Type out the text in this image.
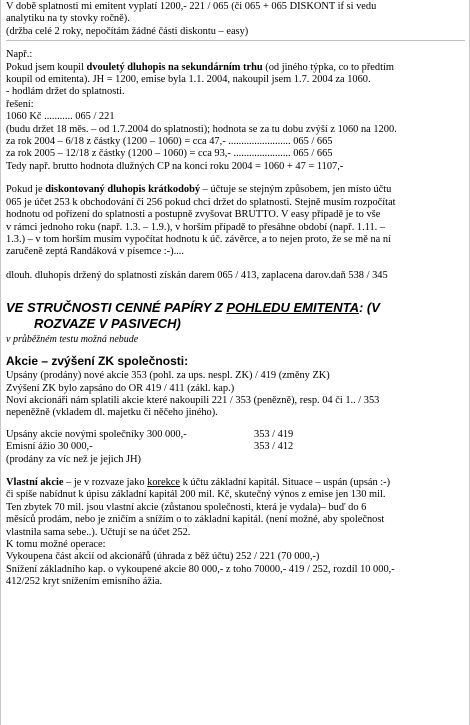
V době splatnosti mi emitent vyplatí 1200,- 221 / 065 (či 065 + 065 DISKONT if si vedu
analytiku na ty stovky ročně).
(držba celé 2 roky, nepočítám žádné části diskontu – easy)
Např.:
Pokud jsem koupil dvouletý dluhopis na sekundárním trhu (od jiného týpka, co to předtím
koupil od emitenta). JH = 1200, emise byla 1.1. 2004, nakoupil jsem 1.7. 2004 za 1060.
- hodlám držet do splatnosti.
řešení:
1060 Kč ........... 065 / 221
(budu držet 18 měs. – od 1.7.2004 do splatnosti); hodnota se za tu dobu zvýší z 1060 na 1200.
za rok 2004 – 6/18 z částky (1200 – 1060) = cca 47,- ........................ 065 / 665
za rok 2005 – 12/18 z částky (1200 – 1060) = cca 93,- ...................... 065 / 665
Tedy např. brutto hodnota dlužných CP na konci roku 2004 = 1060 + 47 = 1107,-
Pokud je diskontovaný dluhopis krátkodobý – účtuje se stejným způsobem, jen místo účtu
065 je účet 253 k obchodování či 256 pokud chci držet do splatnosti. Stejně musím rozpočítat
hodnotu od pořízení do splatnosti a postupně zvyšovat BRUTTO. V easy případě je to vše
v rámci jednoho roku (např. 1.3. – 1.9.), v horším případě to přesáhne období (např. 1.11. –
1.3.) – v tom horším musím vypočítat hodnotu k úč. závěrce, a to nejen proto, že se mě na ní
zaručeně zeptá Randáková v písemce :-)....
dlouh. dluhopis držený do splatnosti získán darem 065 / 413, zaplacena darov.daň 538 / 345
VE STRUČNOSTI CENNÉ PAPÍRY Z POHLEDU EMITENTA: (V
ROZVAZE V PASIVECH)
v průběžném testu možná nebude
Akcie – zvýšení ZK společnosti:
Upsány (prodány) nové akcie 353 (pohl. za ups. nespl. ZK) / 419 (změny ZK)
Zvýšení ZK bylo zapsáno do OR 419 / 411 (zákl. kap.)
Noví akcionáři nám splatili akcie které nakoupili 221 / 353 (penězně), resp. 04 či 1.. / 353
nepeněžně (vkladem dl. majetku či něčeho jiného).
Upsány akcie novými společníky 300 000,-	353 / 419
Emisní ážio 30 000,-	353 / 412
(prodány za víc než je jejich JH)
Vlastní akcie – je v rozvaze jako korekce k účtu základní kapitál. Situace – uspán (upsán :-)
či spíše nabídnut k úpisu základní kapitál 200 mil. Kč, skutečný výnos z emise jen 130 mil.
Ten zbytek 70 mil. jsou vlastní akcie (zůstanou společnosti, která je vydala)– buď do 6
měsíců prodám, nebo je zničím a snížím o to základní kapitál. (není možné, aby společnost
vlastnila sama sebe..). Účtují se na účet 252.
K tomu možné operace:
Vykoupena část akcií od akcionářů (úhrada z běž účtu) 252 / 221 (70 000,-)
Snížení základního kap. o vykoupené akcie 80 000,- z toho 70000,- 419 / 252, rozdíl 10 000,-
412/252 kryt snížením emisního ážia.
